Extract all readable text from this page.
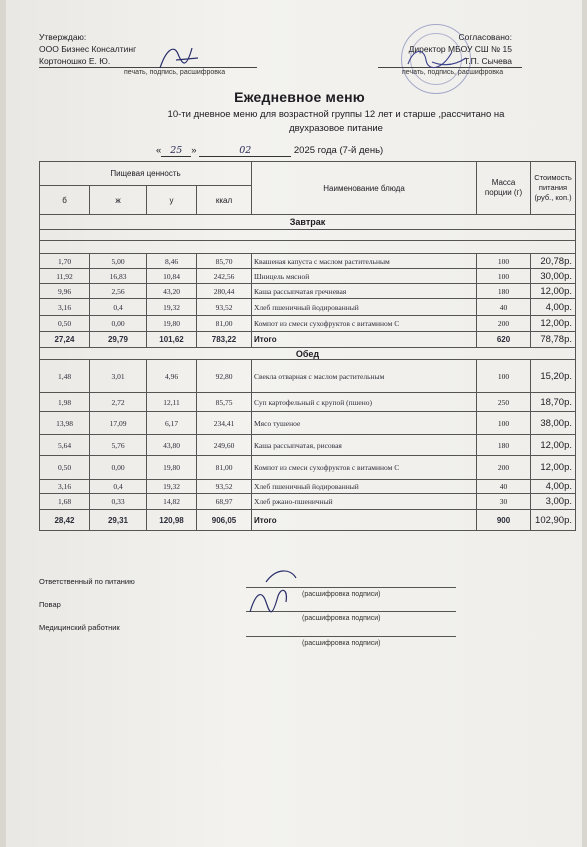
Утверждаю:
ООО Бизнес Консалтинг
Кортоношко Е. Ю.
печать, подпись, расшифровка
Согласовано:
Директор МБОУ СШ № 15
Т.П. Сычева
печать, подпись, расшифровка
Ежедневное меню
10-ти дневное меню для возрастной группы 12 лет и старше ,рассчитано на
двухразовое питание
« 25 »	02	2025 года (7-й день)
Пищевая ценность				Наименование блюда	Масса порции (г)	Стоимость питания (руб., коп.)
б	ж	у	ккал			
Завтрак						

1,70	5,00	8,46	85,70	Квашеная капуста с маслом растительным	100	20,78р.
11,92	16,83	10,84	242,56	Шницель мясной	100	30,00р.
9,96	2,56	43,20	280,44	Каша рассыпчатая гречневая	180	12,00р.
3,16	0,4	19,32	93,52	Хлеб пшеничный йодированный	40	4,00р.
0,50	0,00	19,80	81,00	Компот из смеси сухофруктов с витамином С	200	12,00р.
27,24	29,79	101,62	783,22	Итого	620	78,78р.
Обед						
1,48	3,01	4,96	92,80	Свекла отварная с маслом растительным	100	15,20р.
1,98	2,72	12,11	85,75	Суп картофельный с крупой (пшено)	250	18,70р.
13,98	17,09	6,17	234,41	Мясо тушеное	100	38,00р.
5,64	5,76	43,80	249,60	Каша рассыпчатая, рисовая	180	12,00р.
0,50	0,00	19,80	81,00	Компот из смеси сухофруктов с витамином С	200	12,00р.
3,16	0,4	19,32	93,52	Хлеб пшеничный йодированный	40	4,00р.
1,68	0,33	14,82	68,97	Хлеб ржано-пшеничный	30	3,00р.
28,42	29,31	120,98	906,05	Итого	900	102,90р.
Ответственный по питанию
(расшифровка подписи)
Повар
(расшифровка подписи)
Медицинский работник
(расшифровка подписи)
